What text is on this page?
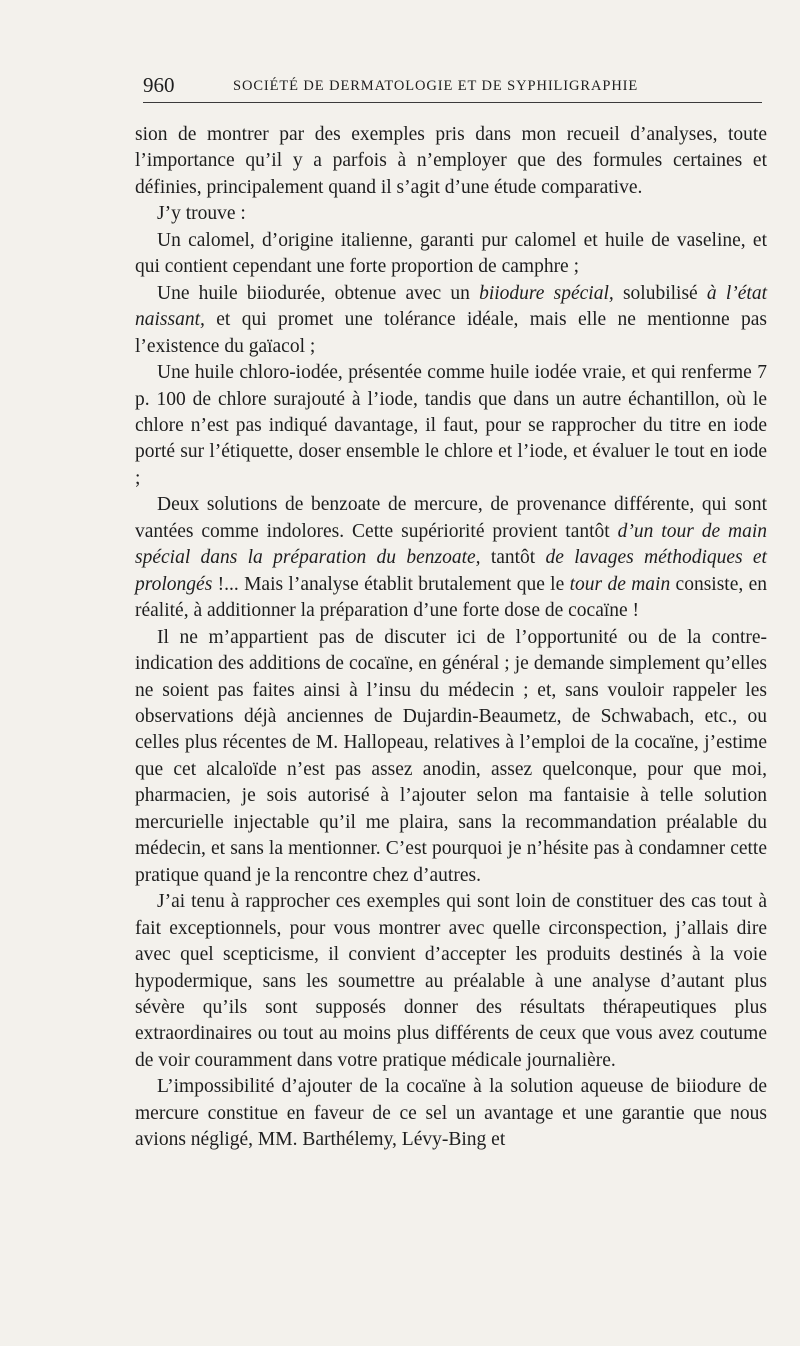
960	SOCIÉTÉ DE DERMATOLOGIE ET DE SYPHILIGRAPHIE

sion de montrer par des exemples pris dans mon recueil d’analyses, toute l’importance qu’il y a parfois à n’employer que des formules certaines et définies, principalement quand il s’agit d’une étude comparative.

J’y trouve :

Un calomel, d’origine italienne, garanti pur calomel et huile de vaseline, et qui contient cependant une forte proportion de camphre ;

Une huile biiodurée, obtenue avec un biiodure spécial, solubilisé à l’état naissant, et qui promet une tolérance idéale, mais elle ne mentionne pas l’existence du gaïacol ;

Une huile chloro-iodée, présentée comme huile iodée vraie, et qui renferme 7 p. 100 de chlore surajouté à l’iode, tandis que dans un autre échantillon, où le chlore n’est pas indiqué davantage, il faut, pour se rapprocher du titre en iode porté sur l’étiquette, doser ensemble le chlore et l’iode, et évaluer le tout en iode ;

Deux solutions de benzoate de mercure, de provenance différente, qui sont vantées comme indolores. Cette supériorité provient tantôt d’un tour de main spécial dans la préparation du benzoate, tantôt de lavages méthodiques et prolongés !... Mais l’analyse établit brutalement que le tour de main consiste, en réalité, à additionner la préparation d’une forte dose de cocaïne !

Il ne m’appartient pas de discuter ici de l’opportunité ou de la contre-indication des additions de cocaïne, en général ; je demande simplement qu’elles ne soient pas faites ainsi à l’insu du médecin ; et, sans vouloir rappeler les observations déjà anciennes de Dujardin-Beaumetz, de Schwabach, etc., ou celles plus récentes de M. Hallopeau, relatives à l’emploi de la cocaïne, j’estime que cet alcaloïde n’est pas assez anodin, assez quelconque, pour que moi, pharmacien, je sois autorisé à l’ajouter selon ma fantaisie à telle solution mercurielle injectable qu’il me plaira, sans la recommandation préalable du médecin, et sans la mentionner. C’est pourquoi je n’hésite pas à condamner cette pratique quand je la rencontre chez d’autres.

J’ai tenu à rapprocher ces exemples qui sont loin de constituer des cas tout à fait exceptionnels, pour vous montrer avec quelle circonspection, j’allais dire avec quel scepticisme, il convient d’accepter les produits destinés à la voie hypodermique, sans les soumettre au préalable à une analyse d’autant plus sévère qu’ils sont supposés donner des résultats thérapeutiques plus extraordinaires ou tout au moins plus différents de ceux que vous avez coutume de voir couramment dans votre pratique médicale journalière.

L’impossibilité d’ajouter de la cocaïne à la solution aqueuse de biiodure de mercure constitue en faveur de ce sel un avantage et une garantie que nous avions négligé, MM. Barthélemy, Lévy-Bing et
